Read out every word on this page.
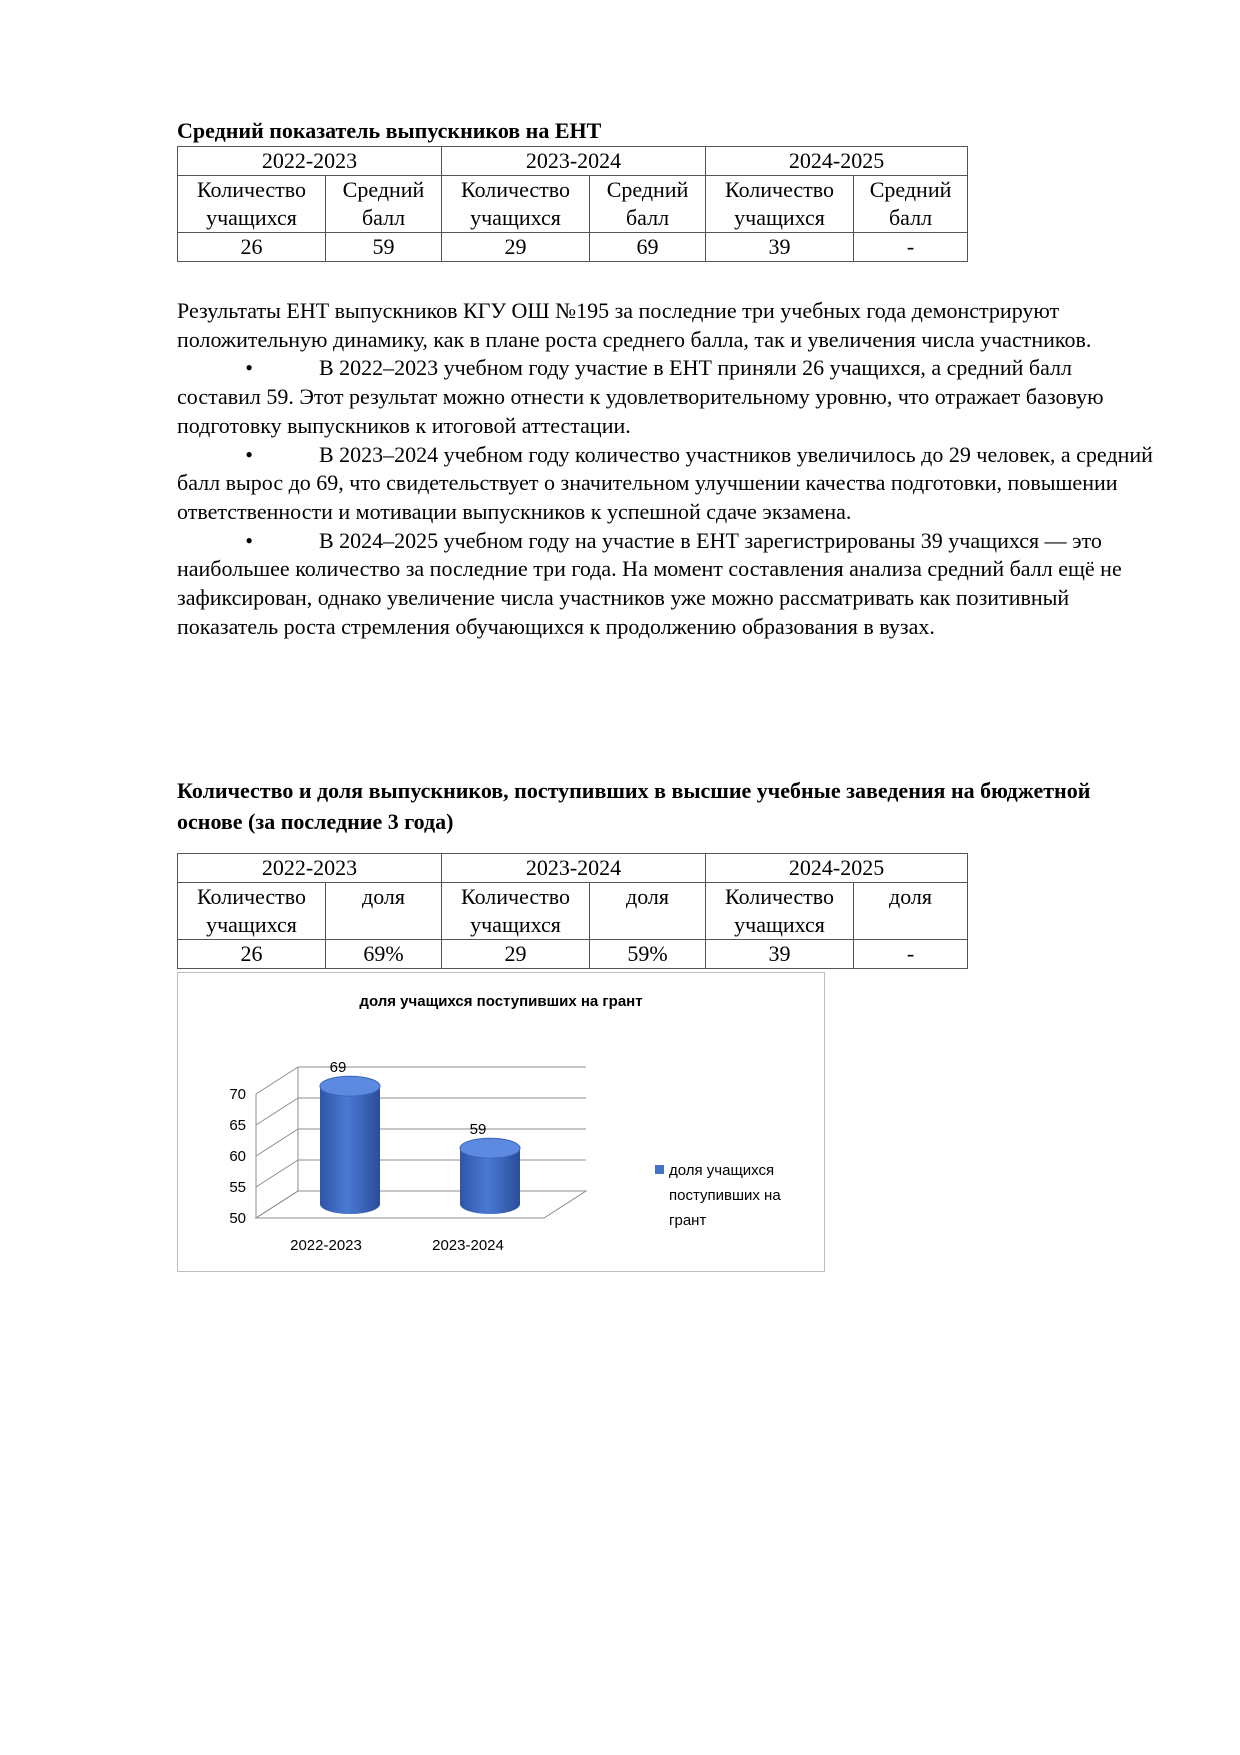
Средний показатель выпускников на ЕНТ
2022-2023		2023-2024		2024-2025	
Количество учащихся	Средний балл	Количество учащихся	Средний балл	Количество учащихся	Средний балл
26	59	29	69	39	-
Результаты ЕНТ выпускников КГУ ОШ №195 за последние три учебных года демонстрируют положительную динамику, как в плане роста среднего балла, так и увеличения числа участников.
•	В 2022–2023 учебном году участие в ЕНТ приняли 26 учащихся, а средний балл составил 59. Этот результат можно отнести к удовлетворительному уровню, что отражает базовую подготовку выпускников к итоговой аттестации.
•	В 2023–2024 учебном году количество участников увеличилось до 29 человек, а средний балл вырос до 69, что свидетельствует о значительном улучшении качества подготовки, повышении ответственности и мотивации выпускников к успешной сдаче экзамена.
•	В 2024–2025 учебном году на участие в ЕНТ зарегистрированы 39 учащихся — это наибольшее количество за последние три года. На момент составления анализа средний балл ещё не зафиксирован, однако увеличение числа участников уже можно рассматривать как позитивный показатель роста стремления обучающихся к продолжению образования в вузах.
Количество и доля выпускников, поступивших в высшие учебные заведения на бюджетной основе (за последние 3 года)
2022-2023		2023-2024		2024-2025	
Количество учащихся	доля	Количество учащихся	доля	Количество учащихся	доля
26	69%	29	59%	39	-
доля учащихся поступивших на грант
50
55
60
65
70
69
59
2022-2023	2023-2024
доля учащихся
поступивших на
грант
